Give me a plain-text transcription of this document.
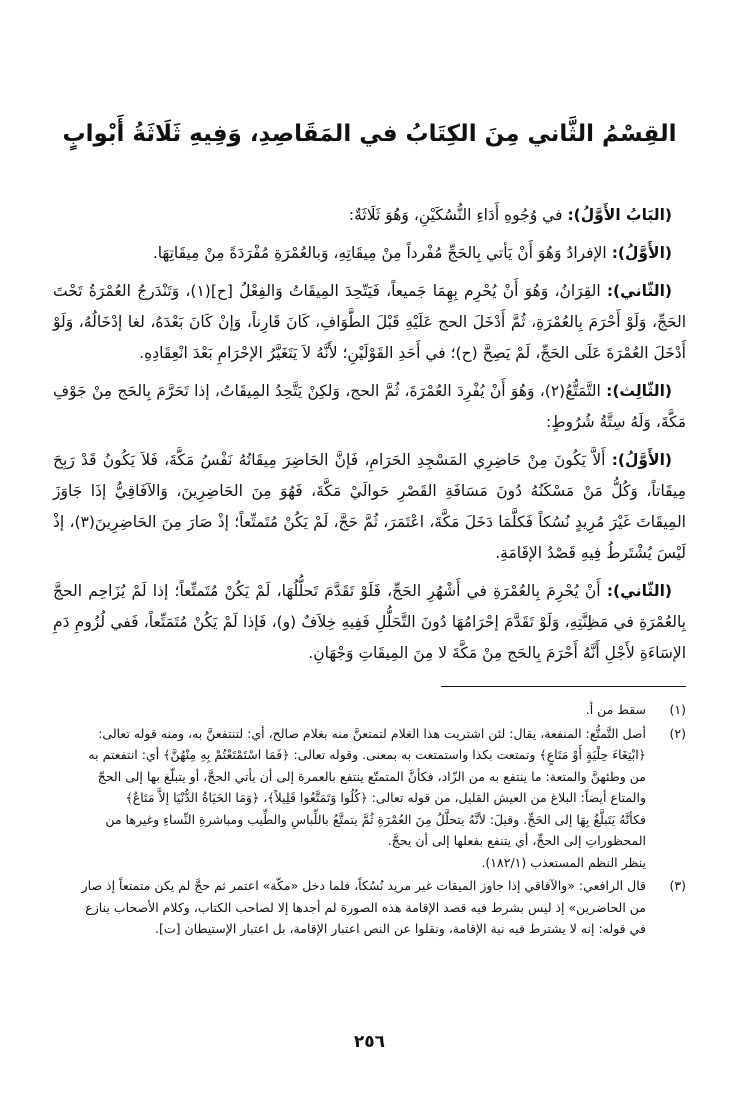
القِسْمُ الثَّاني مِنَ الكِتَابُ في المَقَاصِدِ، وَفِيهِ ثَلَاثَةُ أَبْوابٍ

(البَابُ الأَوَّلُ): في وُجُوهِ أَدَاءِ النُّسُكَيْنِ، وَهُوَ ثَلَاثَةٌ:

(الأَوَّلُ): الإفرادُ وَهُوَ أَنْ يَأتي بِالحَجِّ مُفْرداً مِنْ مِيقَاتِهِ، وَبالعُمْرَةِ مُفْرَدَةً مِنْ مِيقَاتِهَا.

(الثّاني): القِرَانُ، وَهُوَ أَنْ يُحْرِم بِهِمَا جَميعاً، فَيَتّحِدَ المِيقَاتُ وَالفِعْلُ [ح](١)، وَتَنْدَرجُ العُمْرَةُ تَحْتَ الحَجِّ، وَلَوْ أَحْرَمَ بِالعُمْرَةِ، ثُمَّ أَدْخَلَ الحج عَلَيْهِ قَبْلَ الطَّوَافِ، كَانَ قَارِناً، وَإنْ كَانَ بَعْدَهُ، لغا إدْخَالُهُ، وَلَوْ أَدْخَلَ العُمْرَةَ عَلَى الحَجِّ، لَمْ يَصِحَّ (ح)؛ في أَحَدِ القَوْلَيْنِ؛ لأَنَّهُ لاَ يَتَغَيَّرُ الإحْرَامِ بَعْدَ انْعِقَادِهِ.

(الثّالِث): التَّمَتُّعُ(٢)، وَهُوَ أَنْ يُفْرِدَ العُمْرَةَ، ثُمَّ الحج، وَلكِنْ يَتَّحِدُ المِيقَاتُ، إذا تَحَرَّمَ بِالحَج مِنْ جَوْفِ مَكَّةَ، وَلَهُ سِتَّةُ شُرُوطٍ:

(الأَوَّلُ): أَلاَّ يَكُونَ مِنْ حَاضِرِي المَسْجِدِ الحَرَامِ، فَإنَّ الحَاضِرَ مِيقَاتُهُ نَفْسُ مَكَّةَ، فَلاَ يَكُونُ قَدْ رَبِحَ مِيقَاتاً، وَكُلُّ مَنْ مَسْكَنُهُ دُونَ مَسَافَةِ القَصْرِ حَوالَيْ مَكَّةَ، فَهُوَ مِنَ الحَاضِرِينَ، وَالآفَاقِيُّ إذَا جَاوَزَ المِيقَاتَ غَيْرَ مُرِيدٍ نُسُكاً فَكلَّمَا دَخَلَ مَكَّةَ، اعْتَمَرَ، ثُمَّ حَجَّ، لَمْ يَكُنْ مُتَمتِّعاً؛ إذْ صَارَ مِنَ الحَاضِرِينَ(٣)، إذْ لَيْسَ يُشْتَرطُ فِيهِ قَصْدُ الإقَامَةِ.

(الثّاني): أَنْ يُحْرِمَ بِالعُمْرَةِ في أَشْهُرِ الحَجِّ، فَلَوْ تَقَدَّمَ تَحلُّلُهَا، لَمْ يَكُنْ مُتَمتِّعاً؛ إذا لَمْ يُزَاحِم الحجَّ بِالعُمْرَةِ في مَظِنَّتِهِ، وَلَوْ تَقَدَّمَ إحْرَامُهَا دُونَ التَّحَلُّلِ فَفِيهِ خِلاَفٌ (و)، فَإذا لَمْ يَكُنْ مُتَمَتِّعاً، فَفي لُزُومِ دَمِ الإسَاءَةِ لأَجْلِ أَنَّهُ أَحْرَمَ بِالحَج مِنْ مَكَّةَ لا مِنَ المِيقَاتِ وَجْهَانِ.

(١)
سقط من أ.
(٢)
أصل التَّمتُّع: المنفعة، يقال: لئن اشتريت هذا الغلام لتمتعنَّ منه بغلام صالح، أي: لتنتفعنَّ به، ومنه قوله تعالى:
﴿ابْتِغَاءَ حِلْيَةٍ أَوْ مَتَاعٍ﴾ وتمتعت بكذا واستمتعت به بمعنى. وقوله تعالى: ﴿فَمَا اسْتَمْتَعْتُمْ بِهِ مِنْهُنَّ﴾ أي: انتفعتم به
من وطئهنَّ والمتعة: ما ينتفع به من الزّاد، فكأنَّ المتمتّع ينتفع بالعمرة إلى أن يأتي الحجَّ، أو يتبلّغ بها إلى الحجّ
والمتاع أيضاً: البلاغ من العيش القليل، من قوله تعالى: ﴿كُلُوا وَتَمَتَّعُوا قَلِيلاً﴾، ﴿وَمَا الحَيَاةُ الدُّنْيَا إلاَّ مَتَاعٌ﴾
فكأنَّهُ يَتَبلَّغُ بِهَا إلى الحَجِّ. وقيلَ: لأنَّهُ يتحلَّلُ مِنَ العُمْرَةِ ثُمَّ يتمتَّعُ باللِّباسِ والطِّيب ومباشرةِ النِّساءِ وغيرها من
المحظوراتِ إلى الحجِّ، أي يتنفع بفعلها إلى أن يحجَّ.
ينظر النظم المستعذب (١٨٢/١).
(٣)
قال الرافعي: «والآفاقي إذا جاوز الميقات غير مريد نُسُكاً، فلما دخل «مكّة» اعتمر ثم حجَّ لم يكن متمتعاً إذ صار
من الحاضرين» إذ ليس بشرط فيه قصد الإقامة هذه الصورة لم أجدها إلا لصاحب الكتاب، وكلام الأصحاب ينازع
في قوله: إنه لا يشترط فيه نية الإقامة، ونقلوا عن النص اعتبار الإقامة، بل اعتبار الإستيطان [ت].
٢٥٦
